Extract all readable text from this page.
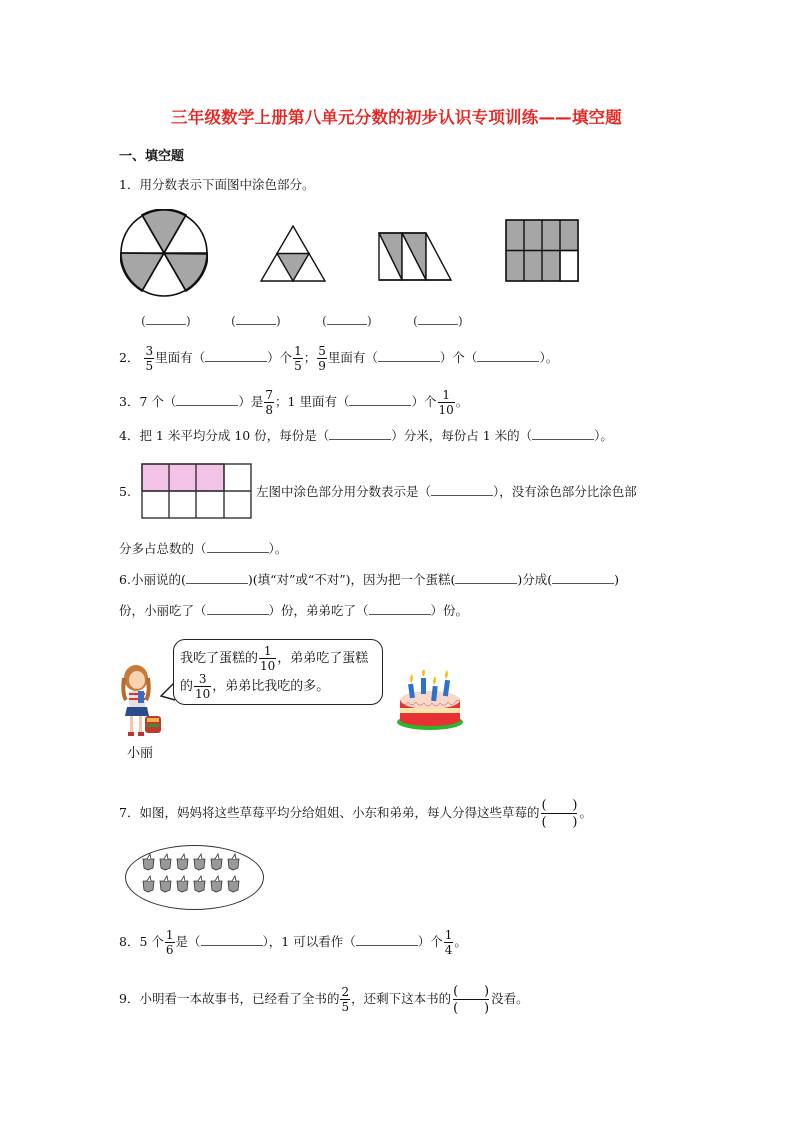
三年级数学上册第八单元分数的初步认识专项训练——填空题
一、填空题
1．用分数表示下面图中涂色部分。
(	)	(	)	(	)	(	)
2． $\frac{3}{5}$ 里面有（	）个 $\frac{1}{5}$ ； $\frac{5}{9}$ 里面有（	）个（	）。
3．7 个（	）是 $\frac{7}{8}$ ；1 里面有（	）个 $\frac{1}{10}$ 。
4．把 1 米平均分成 10 份，每份是（	）分米，每份占 1 米的（	）。
5.	左图中涂色部分用分数表示是（	），没有涂色部分比涂色部
分多占总数的（	）。
6.小丽说的(	)(填“对”或“不对”)，因为把一个蛋糕(	)分成(	)
份，小丽吃了（	）份，弟弟吃了（	）份。
小丽
我吃了蛋糕的 $\frac{1}{10}$ ，弟弟吃了蛋糕
的 $\frac{3}{10}$ ，弟弟比我吃的多。
7．如图，妈妈将这些草莓平均分给姐姐、小东和弟弟，每人分得这些草莓的 $\frac{( )}{( )}$ 。
8．5 个 $\frac{1}{6}$ 是（	），1 可以看作（	）个 $\frac{1}{4}$ 。
9．小明看一本故事书，已经看了全书的 $\frac{2}{5}$ ，还剩下这本书的 $\frac{( )}{( )}$ 没看。
